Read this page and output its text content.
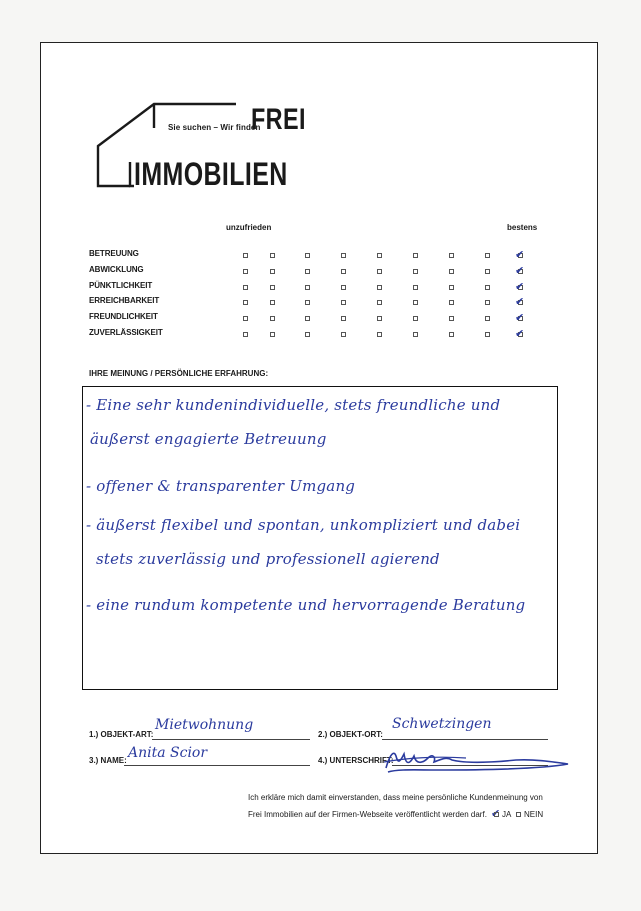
Sie suchen – Wir finden
FREI
IMMOBILIEN
unzufrieden	bestens
BETREUUNG	✔
ABWICKLUNG	✔
PÜNKTLICHKEIT	✔
ERREICHBARKEIT	✔
FREUNDLICHKEIT	✔
ZUVERLÄSSIGKEIT	✔
IHRE MEINUNG / PERSÖNLICHE ERFAHRUNG:
- Eine sehr kundenindividuelle, stets freundliche und
äußerst engagierte Betreuung
- offener & transparenter Umgang
- äußerst flexibel und spontan, unkompliziert und dabei
stets zuverlässig und professionell agierend
- eine rundum kompetente und hervorragende Beratung
1.) OBJEKT-ART:
Mietwohnung
2.) OBJEKT-ORT:
Schwetzingen
3.) NAME: Anita Scior	4.) UNTERSCHRIFT:
Ich erkläre mich damit einverstanden, dass meine persönliche Kundenmeinung von
Frei Immobilien auf der Firmen-Webseite veröffentlicht werden darf. ✔ JA NEIN
